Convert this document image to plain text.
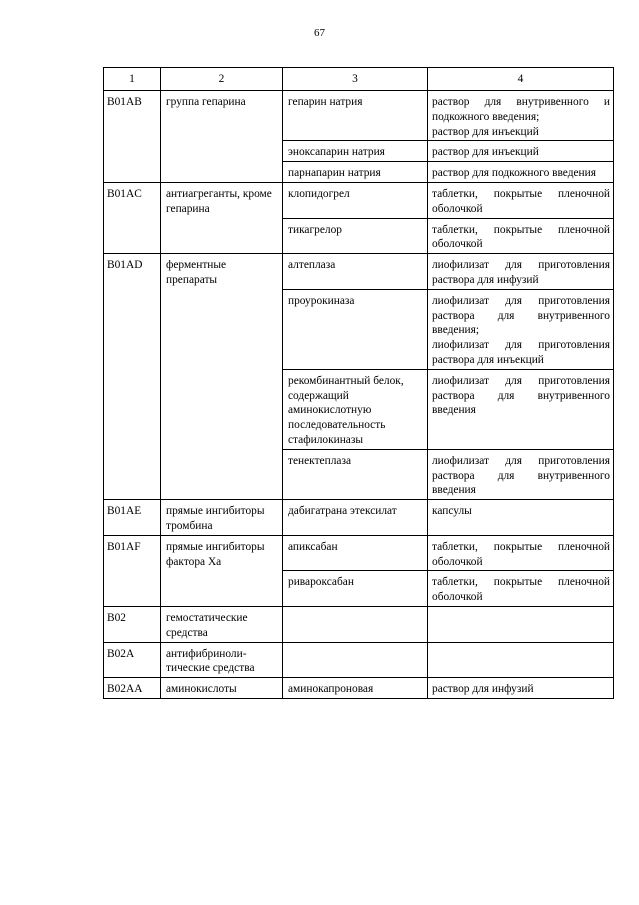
67
1	2	3	4
B01AB	группа гепарина	гепарин натрия	раствор для внутривенного и подкожного введения;
раствор для инъекций

		эноксапарин натрия	раствор для инъекций

		парнапарин натрия	раствор для подкожного введения

B01AC	антиагреганты, кроме гепарина	клопидогрел	таблетки, покрытые пленочной оболочкой

		тикагрелор	таблетки, покрытые пленочной оболочкой

B01AD	ферментные препараты	алтеплаза	лиофилизат для приготовления раствора для инфузий

		проурокиназа	лиофилизат для приготовления раствора для внутривенного введения;
лиофилизат для приготовления раствора для инъекций

		рекомбинантный белок, содержащий аминокислотную последовательность стафилокиназы	лиофилизат для приготовления раствора для внутривенного введения

		тенектеплаза	лиофилизат для приготовления раствора для внутривенного введения

B01AE	прямые ингибиторы тромбина	дабигатрана этексилат	капсулы

B01AF	прямые ингибиторы фактора Xa	апиксабан	таблетки, покрытые пленочной оболочкой

		ривароксабан	таблетки, покрытые пленочной оболочкой

B02	гемостатические средства		
B02A	антифибриноли-тические средства		
B02AA	аминокислоты	аминокапроновая	раствор для инфузий
